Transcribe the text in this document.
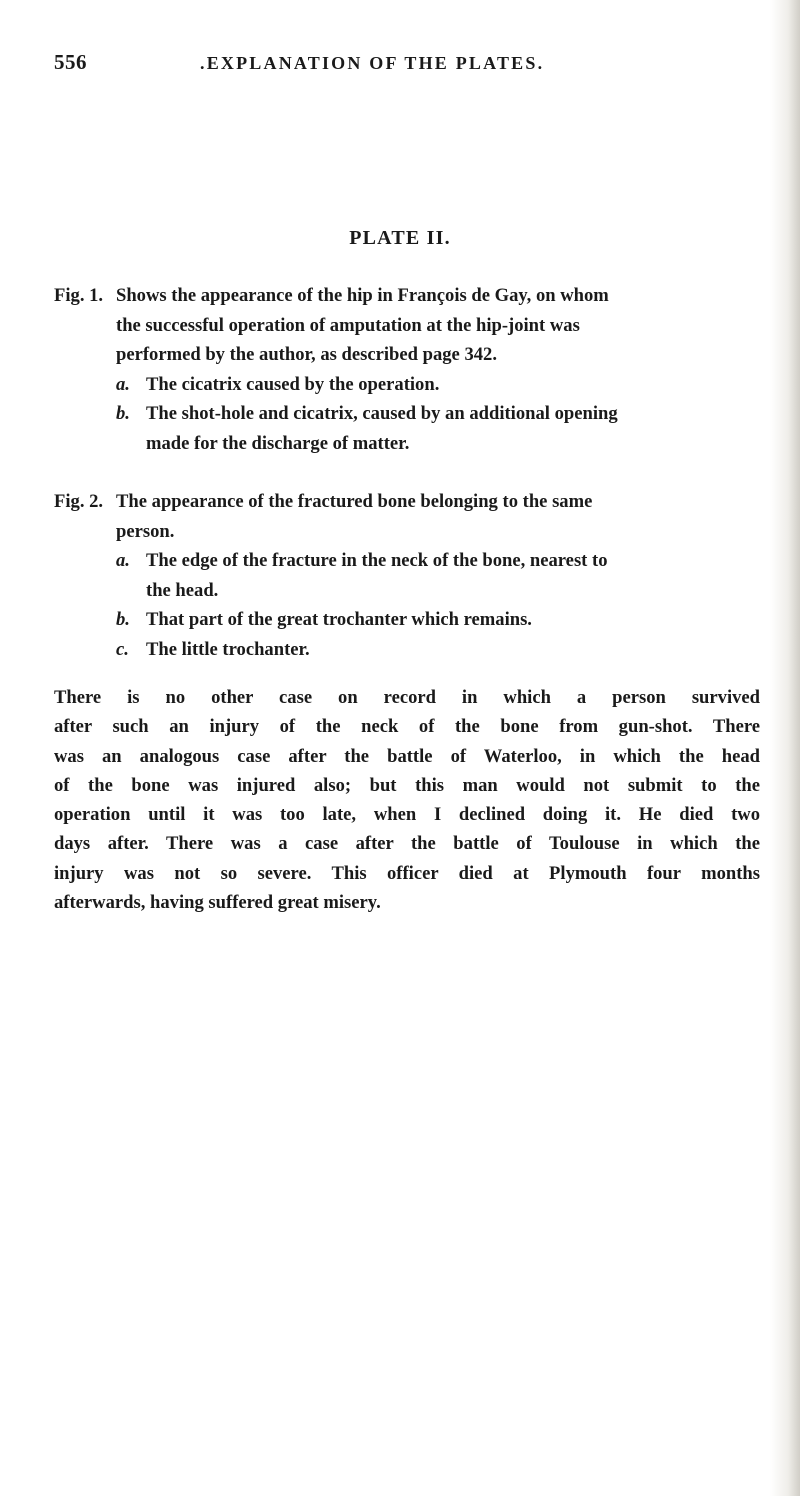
556	.EXPLANATION OF THE PLATES.
PLATE II.
Fig. 1. Shows the appearance of the hip in François de Gay, on whom
the successful operation of amputation at the hip-joint was
performed by the author, as described page 342.
a. The cicatrix caused by the operation.
b. The shot-hole and cicatrix, caused by an additional opening
made for the discharge of matter.
Fig. 2. The appearance of the fractured bone belonging to the same
person.
a. The edge of the fracture in the neck of the bone, nearest to
the head.
b. That part of the great trochanter which remains.
c. The little trochanter.
There is no other case on record in which a person survived
after such an injury of the neck of the bone from gun-shot. There
was an analogous case after the battle of Waterloo, in which the head
of the bone was injured also; but this man would not submit to the
operation until it was too late, when I declined doing it. He died two
days after. There was a case after the battle of Toulouse in which the
injury was not so severe. This officer died at Plymouth four months
afterwards, having suffered great misery.
